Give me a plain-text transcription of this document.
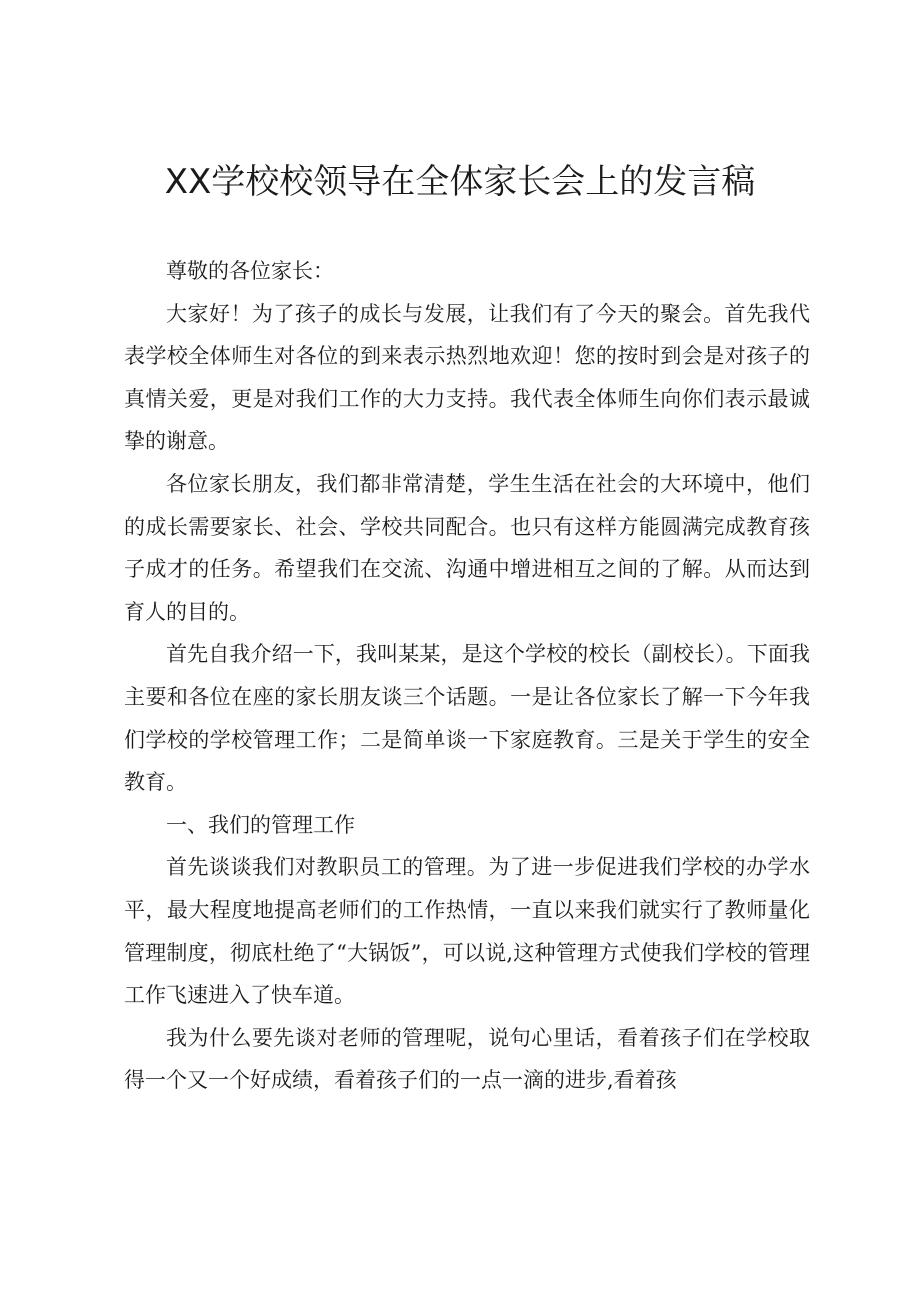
XX学校校领导在全体家长会上的发言稿

尊敬的各位家长：

大家好！为了孩子的成长与发展，让我们有了今天的聚会。首先我代表学校全体师生对各位的到来表示热烈地欢迎！您的按时到会是对孩子的真情关爱，更是对我们工作的大力支持。我代表全体师生向你们表示最诚挚的谢意。

各位家长朋友，我们都非常清楚，学生生活在社会的大环境中，他们的成长需要家长、社会、学校共同配合。也只有这样方能圆满完成教育孩子成才的任务。希望我们在交流、沟通中增进相互之间的了解。从而达到育人的目的。

首先自我介绍一下，我叫某某，是这个学校的校长（副校长）。下面我主要和各位在座的家长朋友谈三个话题。一是让各位家长了解一下今年我们学校的学校管理工作；二是简单谈一下家庭教育。三是关于学生的安全教育。

一、我们的管理工作

首先谈谈我们对教职员工的管理。为了进一步促进我们学校的办学水平，最大程度地提高老师们的工作热情，一直以来我们就实行了教师量化管理制度，彻底杜绝了“大锅饭”，可以说,这种管理方式使我们学校的管理工作飞速进入了快车道。

我为什么要先谈对老师的管理呢，说句心里话，看着孩子们在学校取得一个又一个好成绩，看着孩子们的一点一滴的进步,看着孩
